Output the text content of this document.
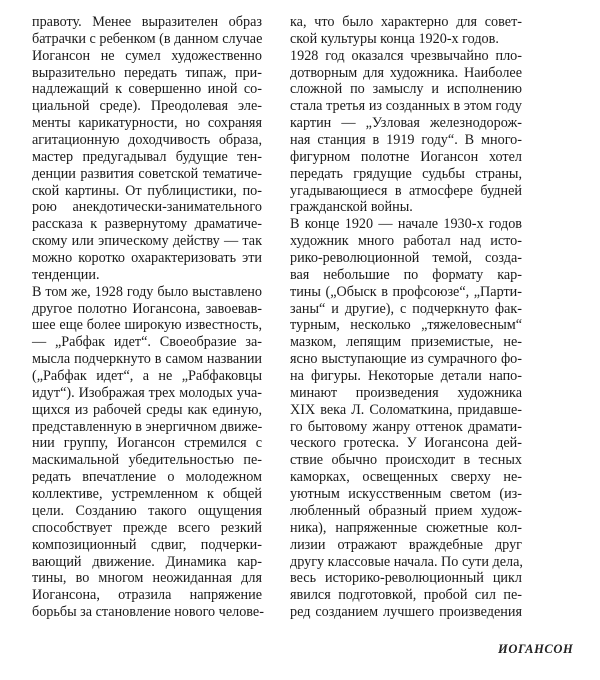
правоту. Менее выразителен образ
батрачки с ребенком (в данном случае
Иогансон не сумел художественно
выразительно передать типаж, при-
надлежащий к совершенно иной со-
циальной среде). Преодолевая эле-
менты карикатурности, но сохраняя
агитационную доходчивость образа,
мастер предугадывал будущие тен-
денции развития советской тематиче-
ской картины. От публицистики, по-
рою анекдотически-занимательного
рассказа к развернутому драматиче-
скому или эпическому действу — так
можно коротко охарактеризовать эти
тенденции.
В том же, 1928 году было выставлено
другое полотно Иогансона, завоевав-
шее еще более широкую известность,
— „Рабфак идет“. Своеобразие за-
мысла подчеркнуто в самом названии
(„Рабфак идет“, а не „Рабфаковцы
идут“). Изображая трех молодых уча-
щихся из рабочей среды как единую,
представленную в энергичном движе-
нии группу, Иогансон стремился с
маскимальной убедительностью пе-
редать впечатление о молодежном
коллективе, устремленном к общей
цели. Созданию такого ощущения
способствует прежде всего резкий
композиционный сдвиг, подчерки-
вающий движение. Динамика кар-
тины, во многом неожиданная для
Иогансона, отразила напряжение
борьбы за становление нового челове-
ка, что было характерно для совет-
ской культуры конца 1920-х годов.
1928 год оказался чрезвычайно пло-
дотворным для художника. Наиболее
сложной по замыслу и исполнению
стала третья из созданных в этом году
картин — „Узловая железнодорож-
ная станция в 1919 году“. В много-
фигурном полотне Иогансон хотел
передать грядущие судьбы страны,
угадывающиеся в атмосфере будней
гражданской войны.
В конце 1920 — начале 1930-х годов
художник много работал над исто-
рико-революционной темой, созда-
вая небольшие по формату кар-
тины („Обыск в профсоюзе“, „Парти-
заны“ и другие), с подчеркнуто фак-
турным, несколько „тяжеловесным“
мазком, лепящим приземистые, не-
ясно выступающие из сумрачного фо-
на фигуры. Некоторые детали напо-
минают произведения художника
XIX века Л. Соломаткина, придавше-
го бытовому жанру оттенок драмати-
ческого гротеска. У Иогансона дей-
ствие обычно происходит в тесных
каморках, освещенных сверху не-
уютным искусственным светом (из-
любленный образный прием худож-
ника), напряженные сюжетные кол-
лизии отражают враждебные друг
другу классовые начала. По сути дела,
весь историко-революционный цикл
явился подготовкой, пробой сил пе-
ред созданием лучшего произведения
ИОГАНСОН
